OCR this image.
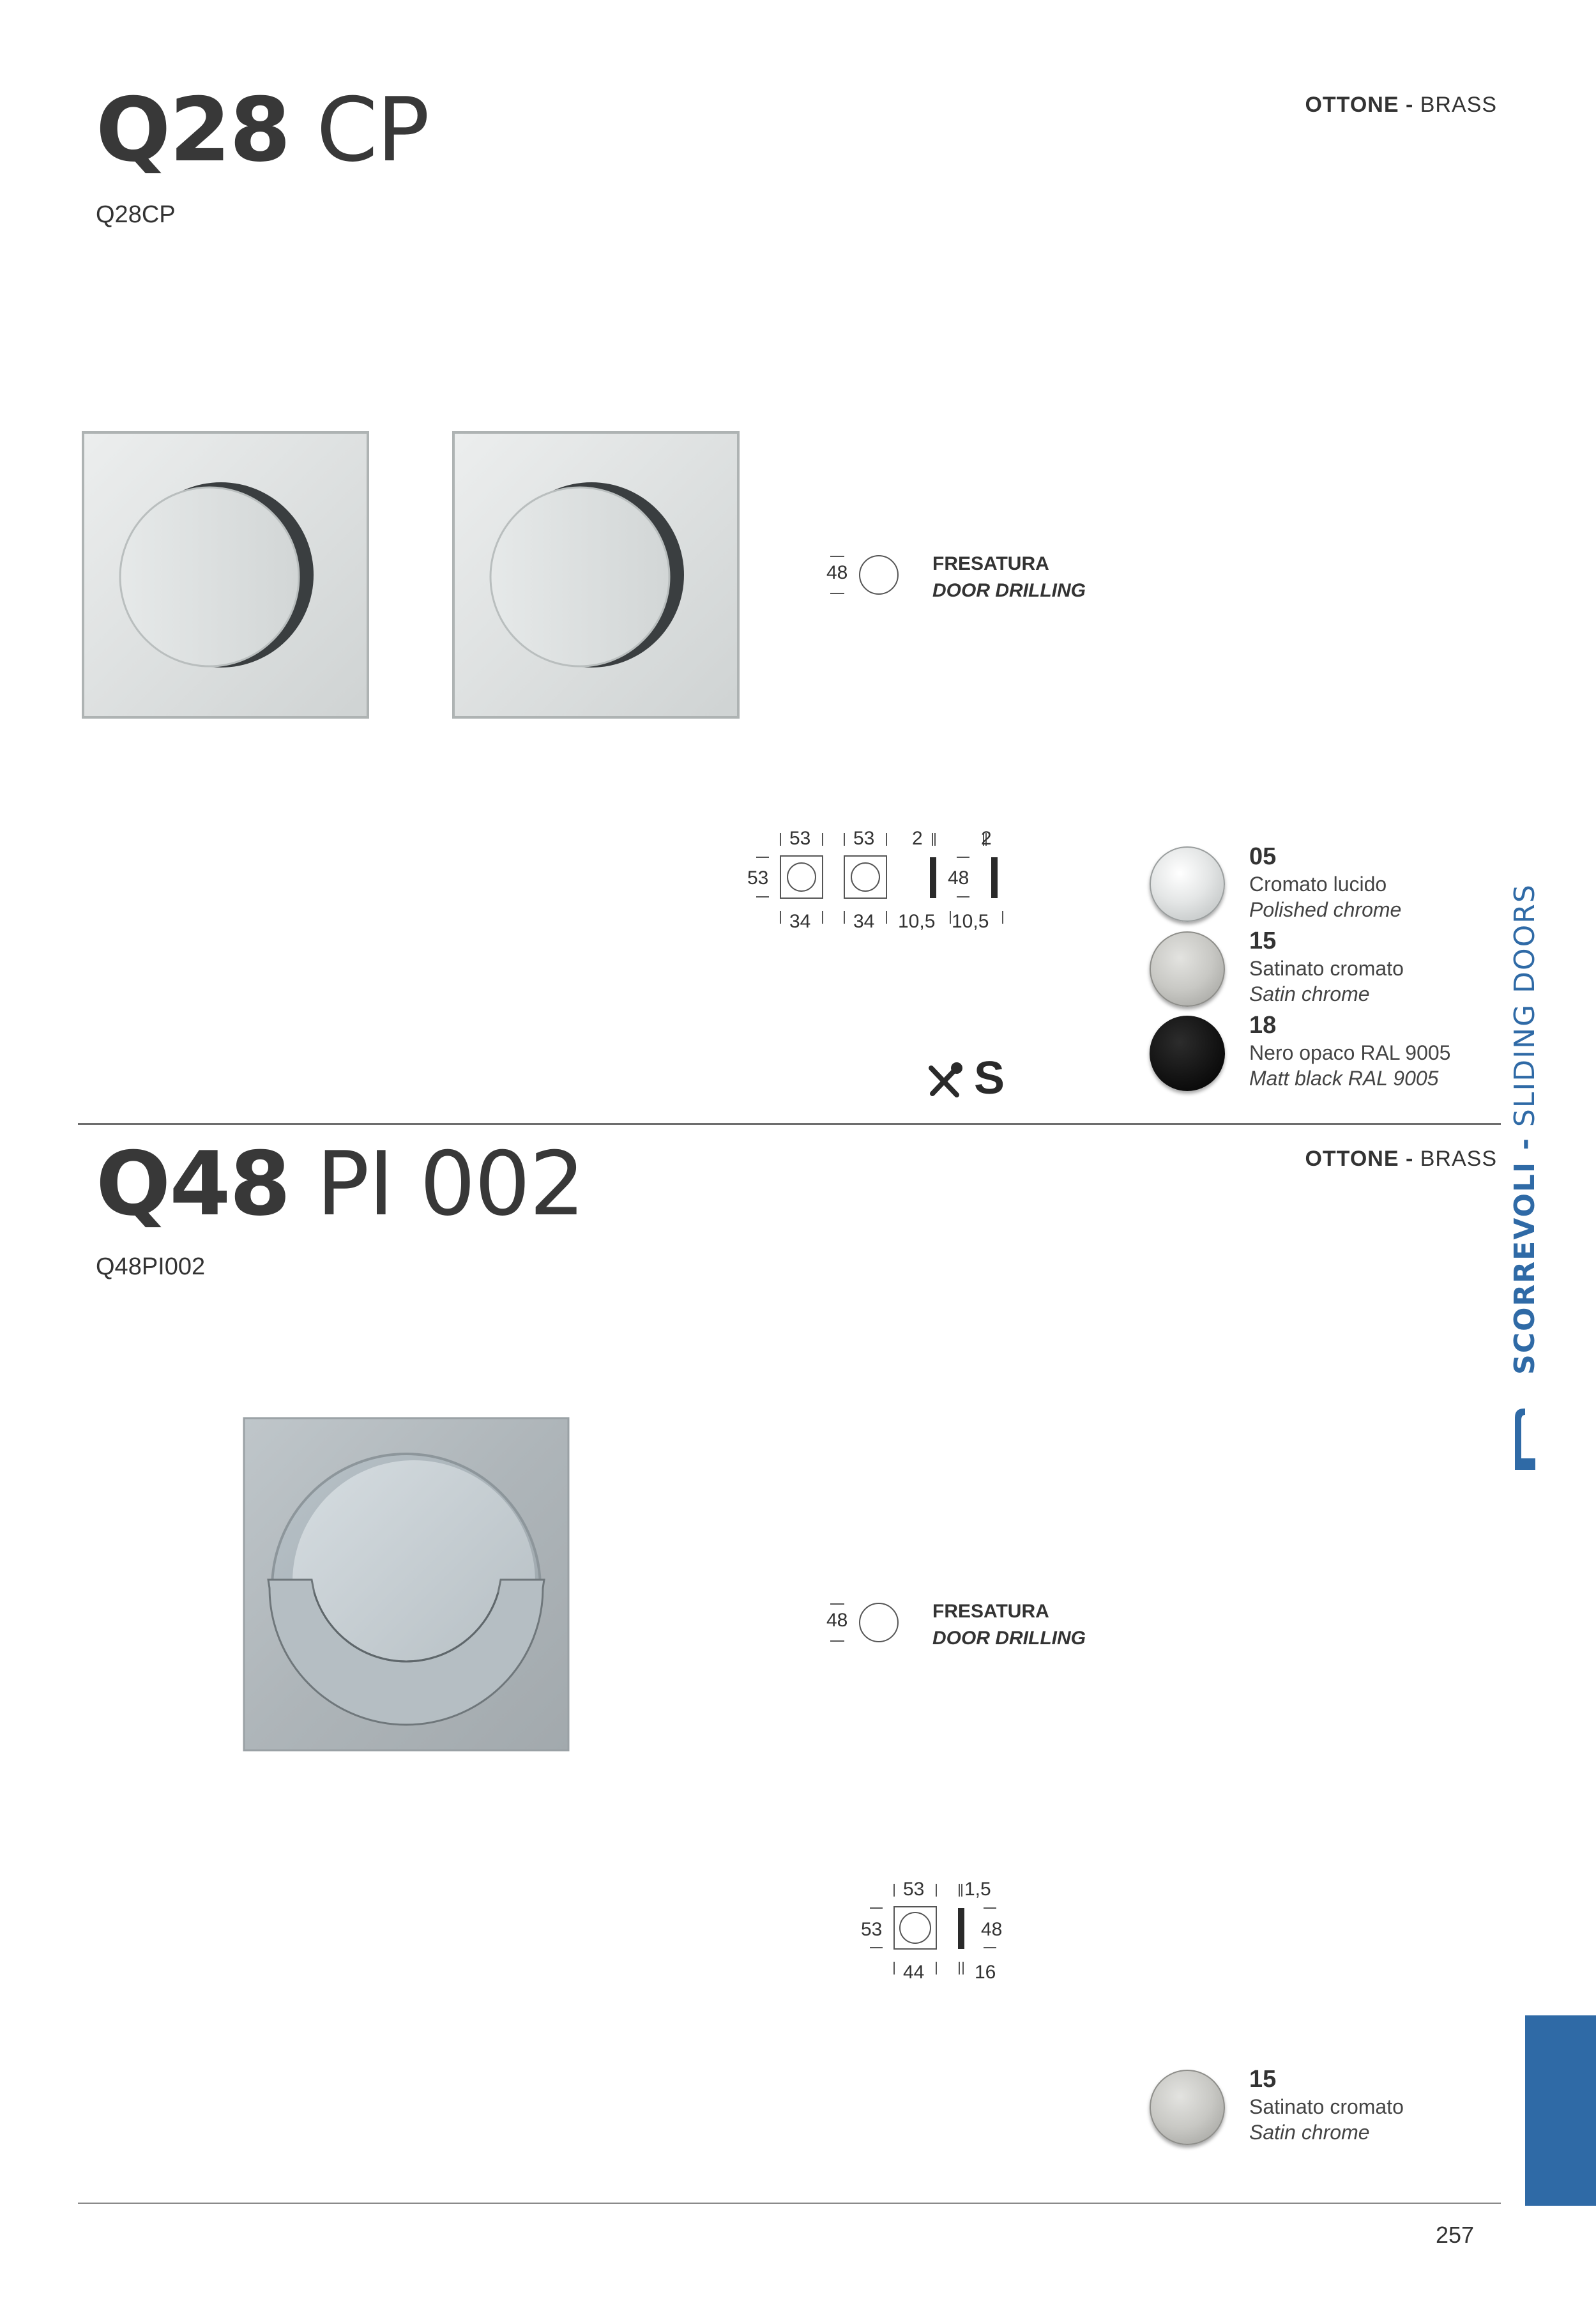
Q28 CP
Q28CP
OTTONE - BRASS
48	FRESATURA
DOOR DRILLING
53
53
34
53
34
2
10,5
2
48
10,5
S
05
Cromato lucido
Polished chrome
15
Satinato cromato
Satin chrome
18
Nero opaco RAL 9005
Matt black RAL 9005
Q48 PI 002
Q48PI002
OTTONE - BRASS
48	FRESATURA
DOOR DRILLING
53
53
44
1,5
48
16
15
Satinato cromato
Satin chrome
257
SCORREVOLI - SLIDING DOORS
